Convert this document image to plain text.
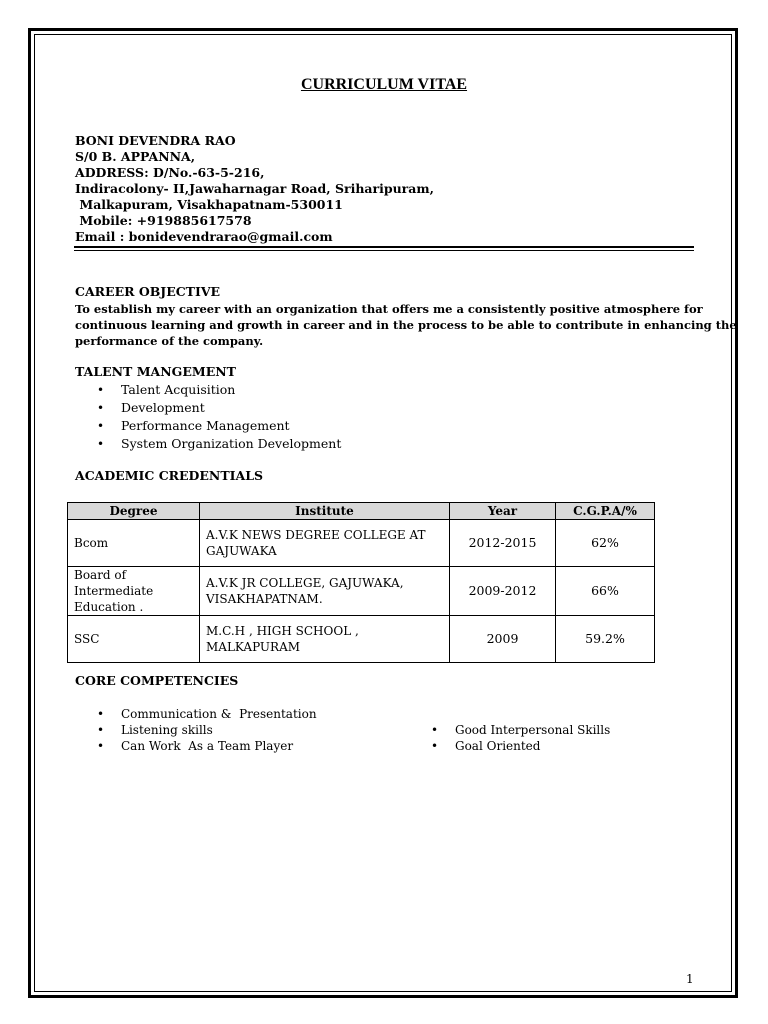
CURRICULUM VITAE
BONI DEVENDRA RAO
S/0 B. APPANNA,
ADDRESS: D/No.-63-5-216,
Indiracolony- II,Jawaharnagar Road, Sriharipuram,
Malkapuram, Visakhapatnam-530011
Mobile: +919885617578
Email : bonidevendrarao@gmail.com
CAREER OBJECTIVE
To establish my career with an organization that offers me a consistently positive atmosphere for
continuous learning and growth in career and in the process to be able to contribute in enhancing the
performance of the company.
TALENT MANGEMENT
• Talent Acquisition
• Development
• Performance Management
• System Organization Development
ACADEMIC CREDENTIALS
Degree	Institute	Year	C.G.P.A/%
Bcom	A.V.K NEWS DEGREE COLLEGE AT GAJUWAKA	2012-2015	62%
Board of Intermediate Education .	A.V.K JR COLLEGE, GAJUWAKA, VISAKHAPATNAM.	2009-2012	66%
SSC	M.C.H , HIGH SCHOOL , MALKAPURAM	2009	59.2%
CORE COMPETENCIES
• Communication &  Presentation
• Listening skills
• Can Work  As a Team Player
• Good Interpersonal Skills
• Goal Oriented
1
